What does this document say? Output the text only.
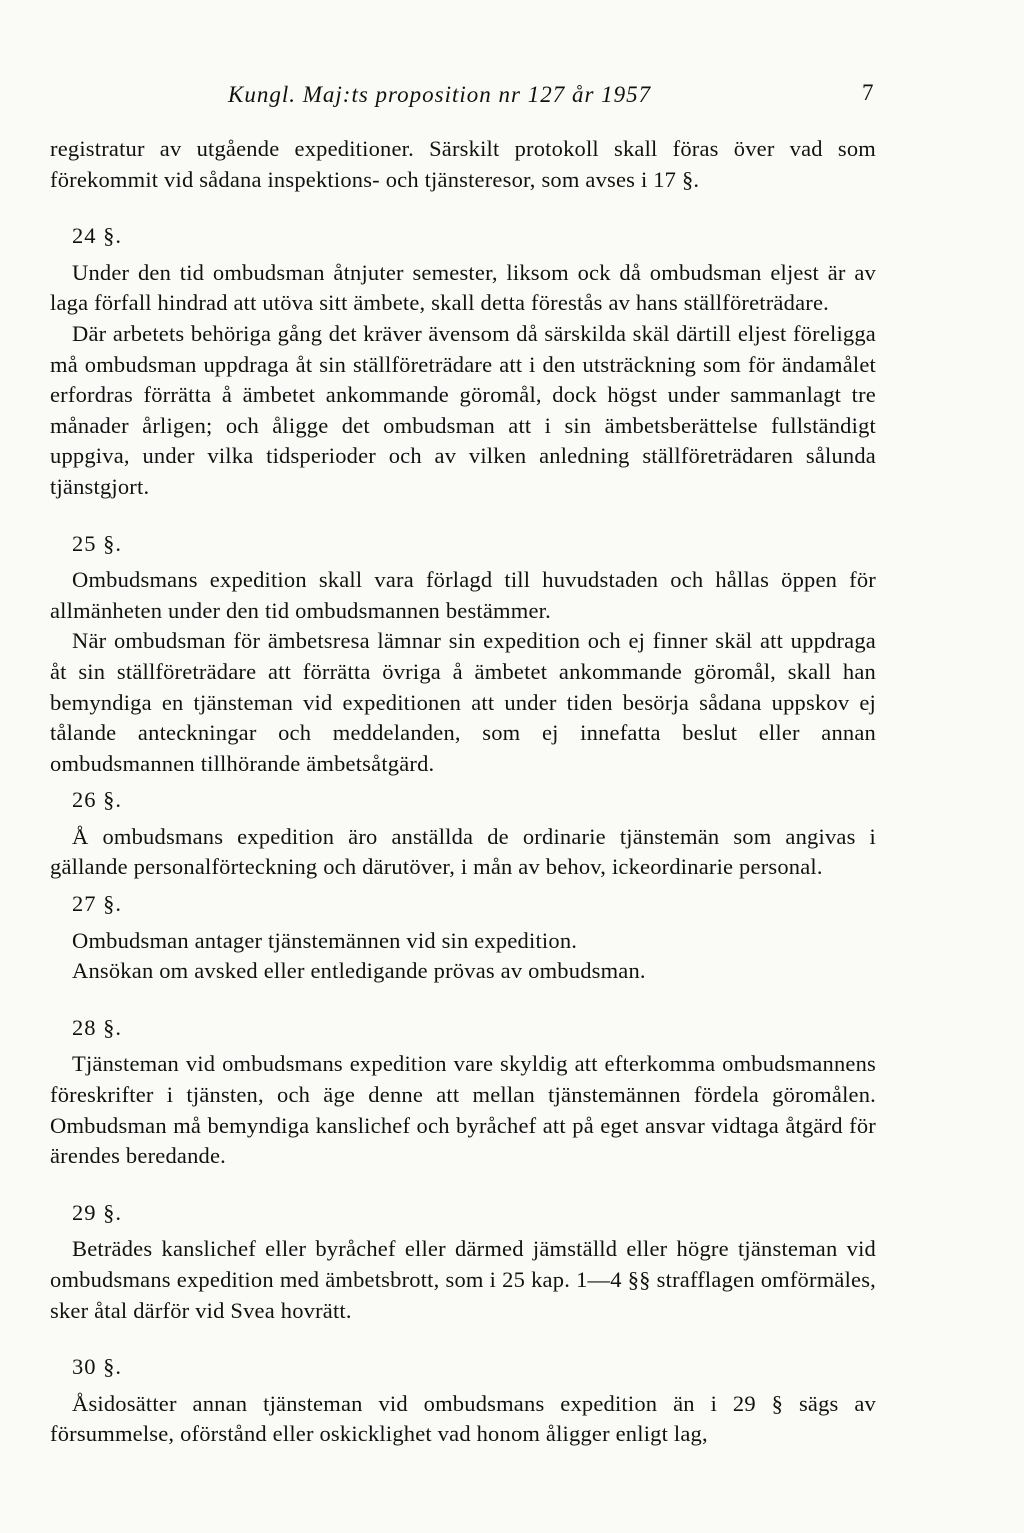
Kungl. Maj:ts proposition nr 127 år 1957	7

registratur av utgående expeditioner. Särskilt protokoll skall föras över vad som förekommit vid sådana inspektions- och tjänsteresor, som avses i 17 §.

24 §.

Under den tid ombudsman åtnjuter semester, liksom ock då ombudsman eljest är av laga förfall hindrad att utöva sitt ämbete, skall detta förestås av hans ställföreträdare.

Där arbetets behöriga gång det kräver ävensom då särskilda skäl därtill eljest föreligga må ombudsman uppdraga åt sin ställföreträdare att i den utsträckning som för ändamålet erfordras förrätta å ämbetet ankommande göromål, dock högst under sammanlagt tre månader årligen; och åligge det ombudsman att i sin ämbetsberättelse fullständigt uppgiva, under vilka tidsperioder och av vilken anledning ställföreträdaren sålunda tjänstgjort.

25 §.

Ombudsmans expedition skall vara förlagd till huvudstaden och hållas öppen för allmänheten under den tid ombudsmannen bestämmer.

När ombudsman för ämbetsresa lämnar sin expedition och ej finner skäl att uppdraga åt sin ställföreträdare att förrätta övriga å ämbetet ankommande göromål, skall han bemyndiga en tjänsteman vid expeditionen att under tiden besörja sådana uppskov ej tålande anteckningar och meddelanden, som ej innefatta beslut eller annan ombudsmannen tillhörande ämbetsåtgärd.

26 §.

Å ombudsmans expedition äro anställda de ordinarie tjänstemän som angivas i gällande personalförteckning och därutöver, i mån av behov, ickeordinarie personal.

27 §.

Ombudsman antager tjänstemännen vid sin expedition.

Ansökan om avsked eller entledigande prövas av ombudsman.

28 §.

Tjänsteman vid ombudsmans expedition vare skyldig att efterkomma ombudsmannens föreskrifter i tjänsten, och äge denne att mellan tjänstemännen fördela göromålen. Ombudsman må bemyndiga kanslichef och byråchef att på eget ansvar vidtaga åtgärd för ärendes beredande.

29 §.

Beträdes kanslichef eller byråchef eller därmed jämställd eller högre tjänsteman vid ombudsmans expedition med ämbetsbrott, som i 25 kap. 1—4 §§ strafflagen omförmäles, sker åtal därför vid Svea hovrätt.

30 §.

Åsidosätter annan tjänsteman vid ombudsmans expedition än i 29 § sägs av försummelse, oförstånd eller oskicklighet vad honom åligger enligt lag,
